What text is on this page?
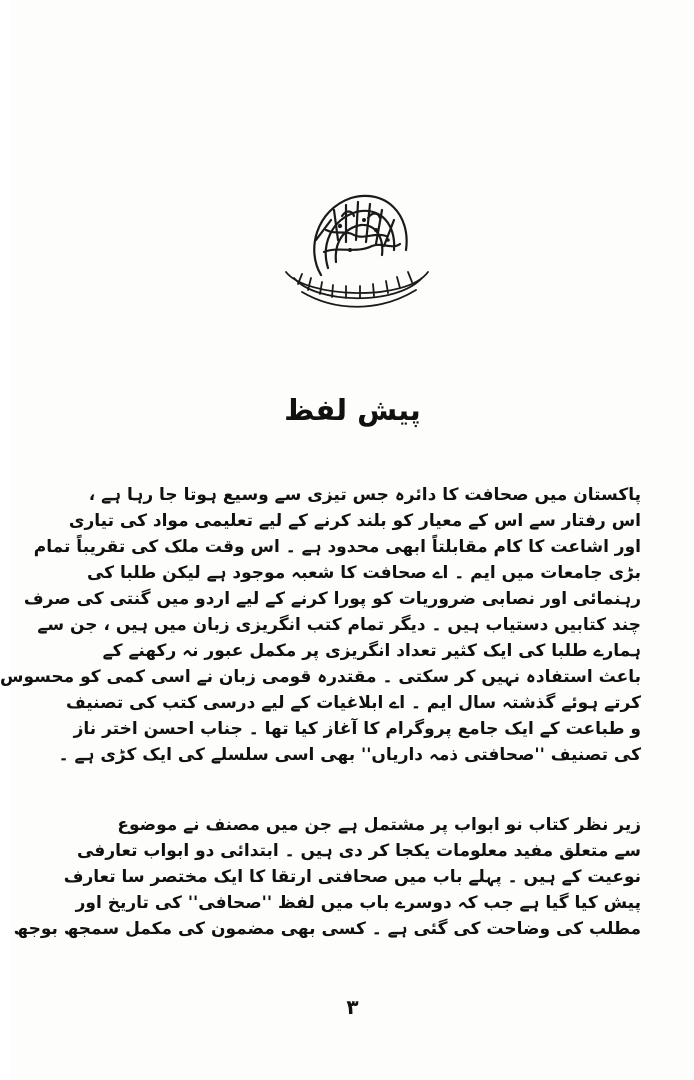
پیش لفظ
پاکستان میں صحافت کا دائرہ جس تیزی سے وسیع ہوتا جا رہا ہے ،
اس رفتار سے اس کے معیار کو بلند کرنے کے لیے تعلیمی مواد کی تیاری
اور اشاعت کا کام مقابلتاً ابھی محدود ہے ۔ اس وقت ملک کی تقریباً تمام
بڑی جامعات میں ایم ۔ اے صحافت کا شعبہ موجود ہے لیکن طلبا کی
رہنمائی اور نصابی ضروریات کو پورا کرنے کے لیے اردو میں گنتی کی صرف
چند کتابیں دستیاب ہیں ۔ دیگر تمام کتب انگریزی زبان میں ہیں ، جن سے
ہمارے طلبا کی ایک کثیر تعداد انگریزی پر مکمل عبور نہ رکھنے کے
باعث استفادہ نہیں کر سکتی ۔ مقتدرہ قومی زبان نے اسی کمی کو محسوس
کرتے ہوئے گذشتہ سال ایم ۔ اے ابلاغیات کے لیے درسی کتب کی تصنیف
و طباعت کے ایک جامع پروگرام کا آغاز کیا تھا ۔ جناب احسن اختر ناز
کی تصنیف ''صحافتی ذمہ داریاں'' بھی اسی سلسلے کی ایک کڑی ہے ۔
زیر نظر کتاب نو ابواب پر مشتمل ہے جن میں مصنف نے موضوع
سے متعلق مفید معلومات یکجا کر دی ہیں ۔ ابتدائی دو ابواب تعارفی
نوعیت کے ہیں ۔ پہلے باب میں صحافتی ارتقا کا ایک مختصر سا تعارف
پیش کیا گیا ہے جب کہ دوسرے باب میں لفظ ''صحافی'' کی تاریخ اور
مطلب کی وضاحت کی گئی ہے ۔ کسی بھی مضمون کی مکمل سمجھ بوجھ
۳
